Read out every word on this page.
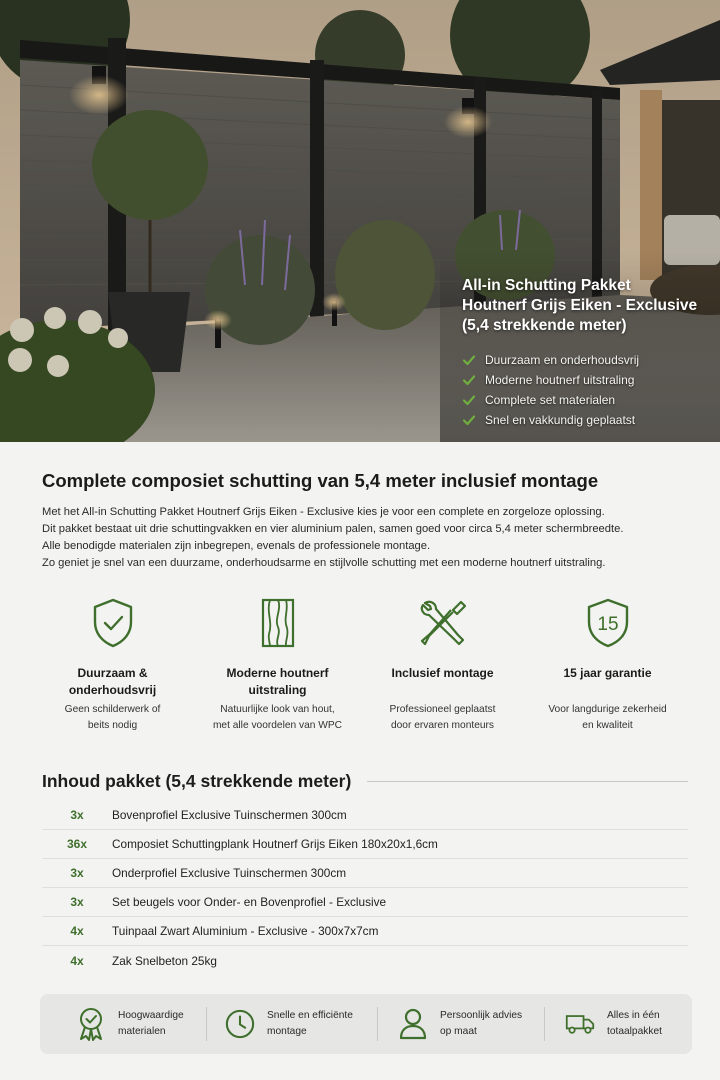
All-in Schutting Pakket
Houtnerf Grijs Eiken - Exclusive
(5,4 strekkende meter)
Duurzaam en onderhoudsvrij
Moderne houtnerf uitstraling
Complete set materialen
Snel en vakkundig geplaatst
Complete composiet schutting van 5,4 meter inclusief montage

Met het All-in Schutting Pakket Houtnerf Grijs Eiken - Exclusive kies je voor een complete en zorgeloze oplossing.

Dit pakket bestaat uit drie schuttingvakken en vier aluminium palen, samen goed voor circa 5,4 meter schermbreedte.

Alle benodigde materialen zijn inbegrepen, evenals de professionele montage.

Zo geniet je snel van een duurzame, onderhoudsarme en stijlvolle schutting met een moderne houtnerf uitstraling.

Duurzaam &
onderhoudsvrij
Geen schilderwerk of
beits nodig
Moderne houtnerf
uitstraling
Natuurlijke look van hout,
met alle voordelen van WPC
Inclusief montage
Professioneel geplaatst
door ervaren monteurs
15
15 jaar garantie
Voor langdurige zekerheid
en kwaliteit
Inhoud pakket (5,4 strekkende meter)
3x	Bovenprofiel Exclusive Tuinschermen 300cm
36x	Composiet Schuttingplank Houtnerf Grijs Eiken 180x20x1,6cm
3x	Onderprofiel Exclusive Tuinschermen 300cm
3x	Set beugels voor Onder- en Bovenprofiel - Exclusive
4x	Tuinpaal Zwart Aluminium - Exclusive - 300x7x7cm
4x	Zak Snelbeton 25kg
Hoogwaardige
materialen
Snelle en efficiënte
montage
Persoonlijk advies
op maat
Alles in één
totaalpakket
